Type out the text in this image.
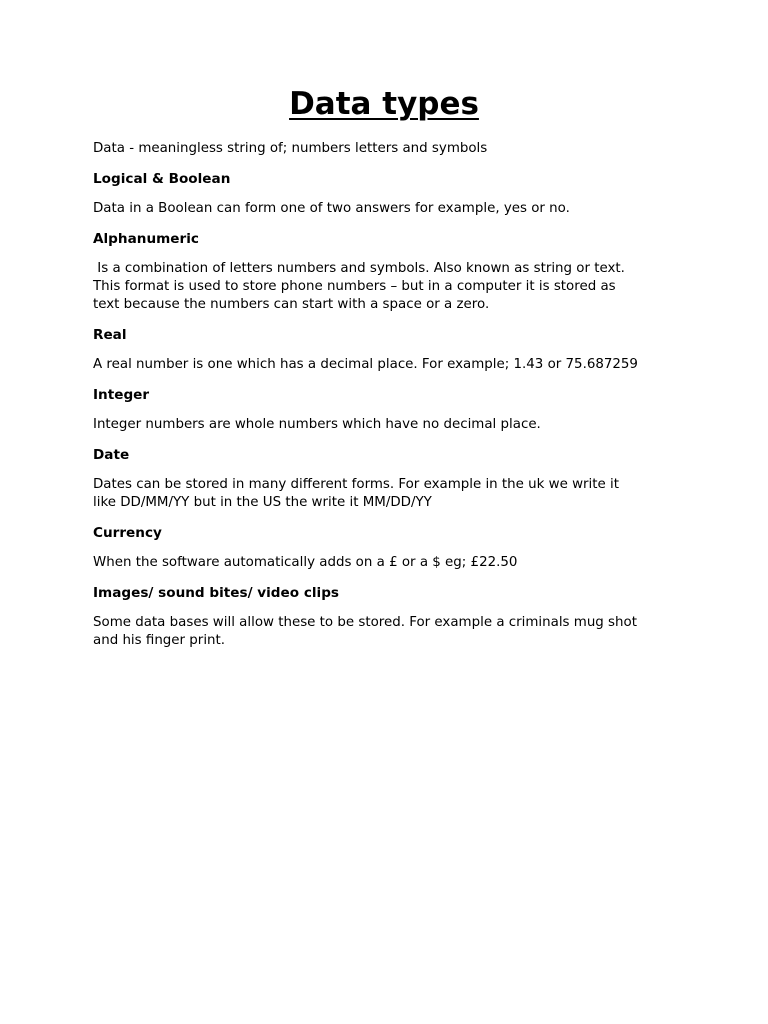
Data types

Data - meaningless string of; numbers letters and symbols

Logical & Boolean

Data in a Boolean can form one of two answers for example, yes or no.

Alphanumeric

Is a combination of letters numbers and symbols. Also known as string or text.
This format is used to store phone numbers – but in a computer it is stored as
text because the numbers can start with a space or a zero.

Real

A real number is one which has a decimal place. For example; 1.43 or 75.687259

Integer

Integer numbers are whole numbers which have no decimal place.

Date

Dates can be stored in many different forms. For example in the uk we write it
like DD/MM/YY but in the US the write it MM/DD/YY

Currency

When the software automatically adds on a £ or a $ eg; £22.50

Images/ sound bites/ video clips

Some data bases will allow these to be stored. For example a criminals mug shot
and his finger print.
